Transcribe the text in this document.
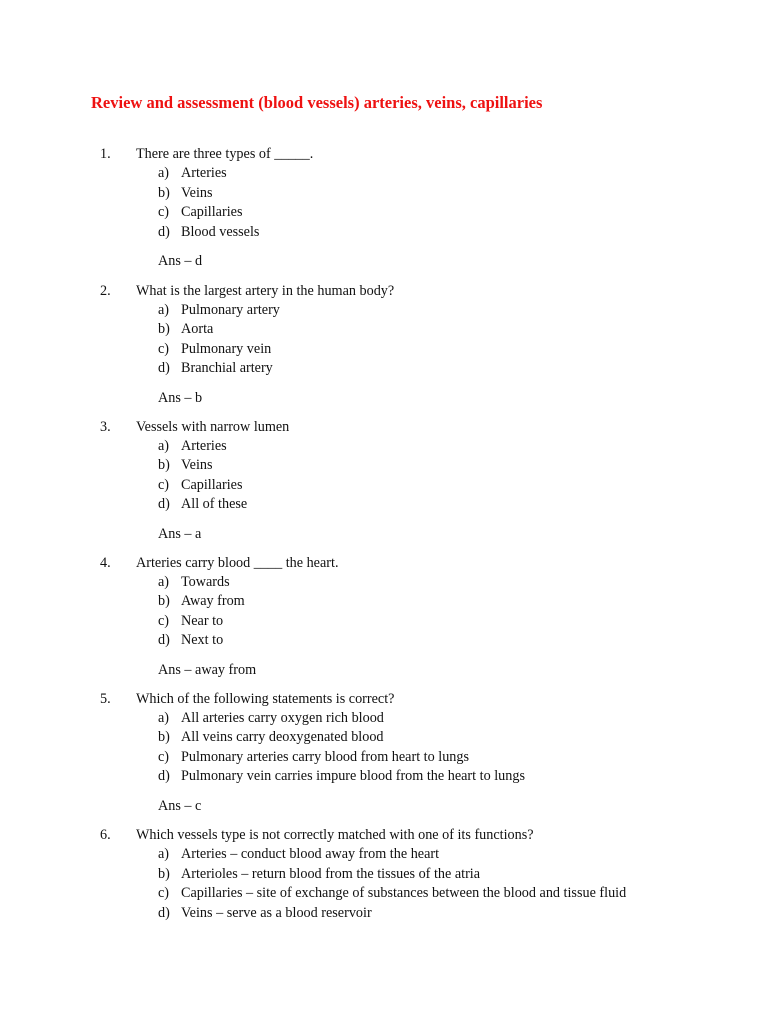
Review and assessment (blood vessels) arteries, veins, capillaries
1. There are three types of _____.
a) Arteries
b) Veins
c) Capillaries
d) Blood vessels
Ans – d
2. What is the largest artery in the human body?
a) Pulmonary artery
b) Aorta
c) Pulmonary vein
d) Branchial artery
Ans – b
3. Vessels with narrow lumen
a) Arteries
b) Veins
c) Capillaries
d) All of these
Ans – a
4. Arteries carry blood ____ the heart.
a) Towards
b) Away from
c) Near to
d) Next to
Ans – away from
5. Which of the following statements is correct?
a) All arteries carry oxygen rich blood
b) All veins carry deoxygenated blood
c) Pulmonary arteries carry blood from heart to lungs
d) Pulmonary vein carries impure blood from the heart to lungs
Ans – c
6. Which vessels type is not correctly matched with one of its functions?
a) Arteries – conduct blood away from the heart
b) Arterioles – return blood from the tissues of the atria
c) Capillaries – site of exchange of substances between the blood and tissue fluid
d) Veins – serve as a blood reservoir
